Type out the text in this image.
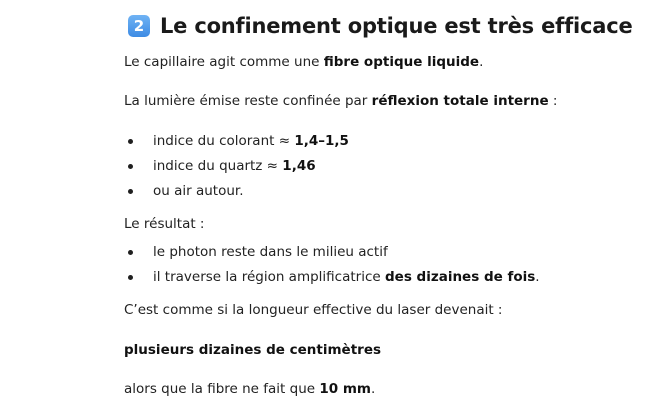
2 Le confinement optique est très efficace
Le capillaire agit comme une fibre optique liquide.
La lumière émise reste confinée par réflexion totale interne :
indice du colorant ≈ 1,4–1,5
indice du quartz ≈ 1,46
ou air autour.
Le résultat :
le photon reste dans le milieu actif
il traverse la région amplificatrice des dizaines de fois.
C’est comme si la longueur effective du laser devenait :
plusieurs dizaines de centimètres
alors que la fibre ne fait que 10 mm.
